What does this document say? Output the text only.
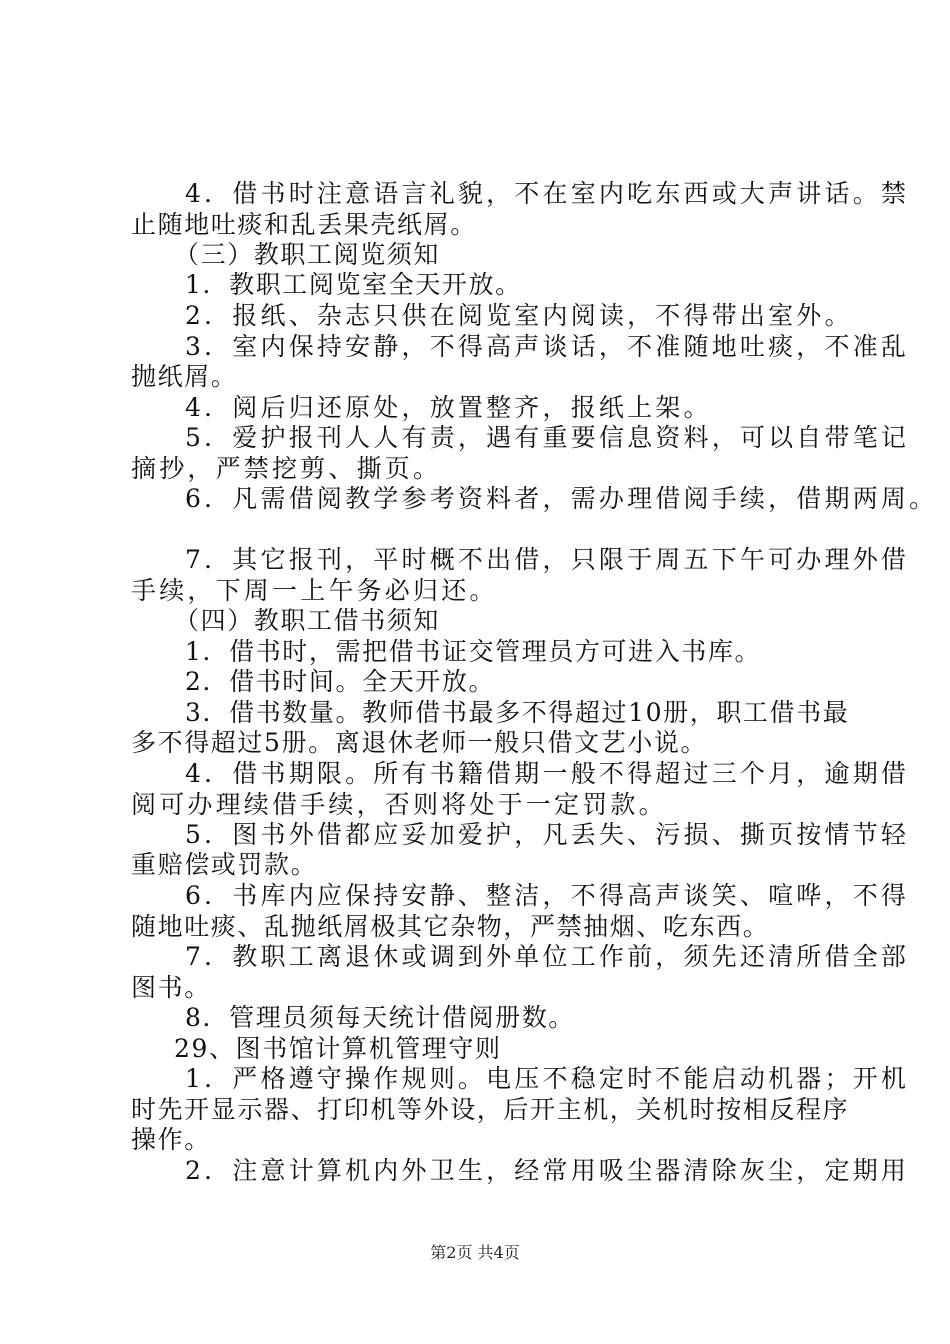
4．借书时注意语言礼貌，不在室内吃东西或大声讲话。禁
止随地吐痰和乱丢果壳纸屑。
（三）教职工阅览须知
1．教职工阅览室全天开放。
2．报纸、杂志只供在阅览室内阅读，不得带出室外。
3．室内保持安静，不得高声谈话，不准随地吐痰，不准乱
抛纸屑。
4．阅后归还原处，放置整齐，报纸上架。
5．爱护报刊人人有责，遇有重要信息资料，可以自带笔记
摘抄，严禁挖剪、撕页。
6．凡需借阅教学参考资料者，需办理借阅手续，借期两周。
7．其它报刊，平时概不出借，只限于周五下午可办理外借
手续，下周一上午务必归还。
（四）教职工借书须知
1．借书时，需把借书证交管理员方可进入书库。
2．借书时间。全天开放。
3．借书数量。教师借书最多不得超过10册，职工借书最
多不得超过5册。离退休老师一般只借文艺小说。
4．借书期限。所有书籍借期一般不得超过三个月，逾期借
阅可办理续借手续，否则将处于一定罚款。
5．图书外借都应妥加爱护，凡丢失、污损、撕页按情节轻
重赔偿或罚款。
6．书库内应保持安静、整洁，不得高声谈笑、喧哗，不得
随地吐痰、乱抛纸屑极其它杂物，严禁抽烟、吃东西。
7．教职工离退休或调到外单位工作前，须先还清所借全部
图书。
8．管理员须每天统计借阅册数。
29、图书馆计算机管理守则
1．严格遵守操作规则。电压不稳定时不能启动机器；开机
时先开显示器、打印机等外设，后开主机，关机时按相反程序
操作。
2．注意计算机内外卫生，经常用吸尘器清除灰尘，定期用
第2页 共4页
